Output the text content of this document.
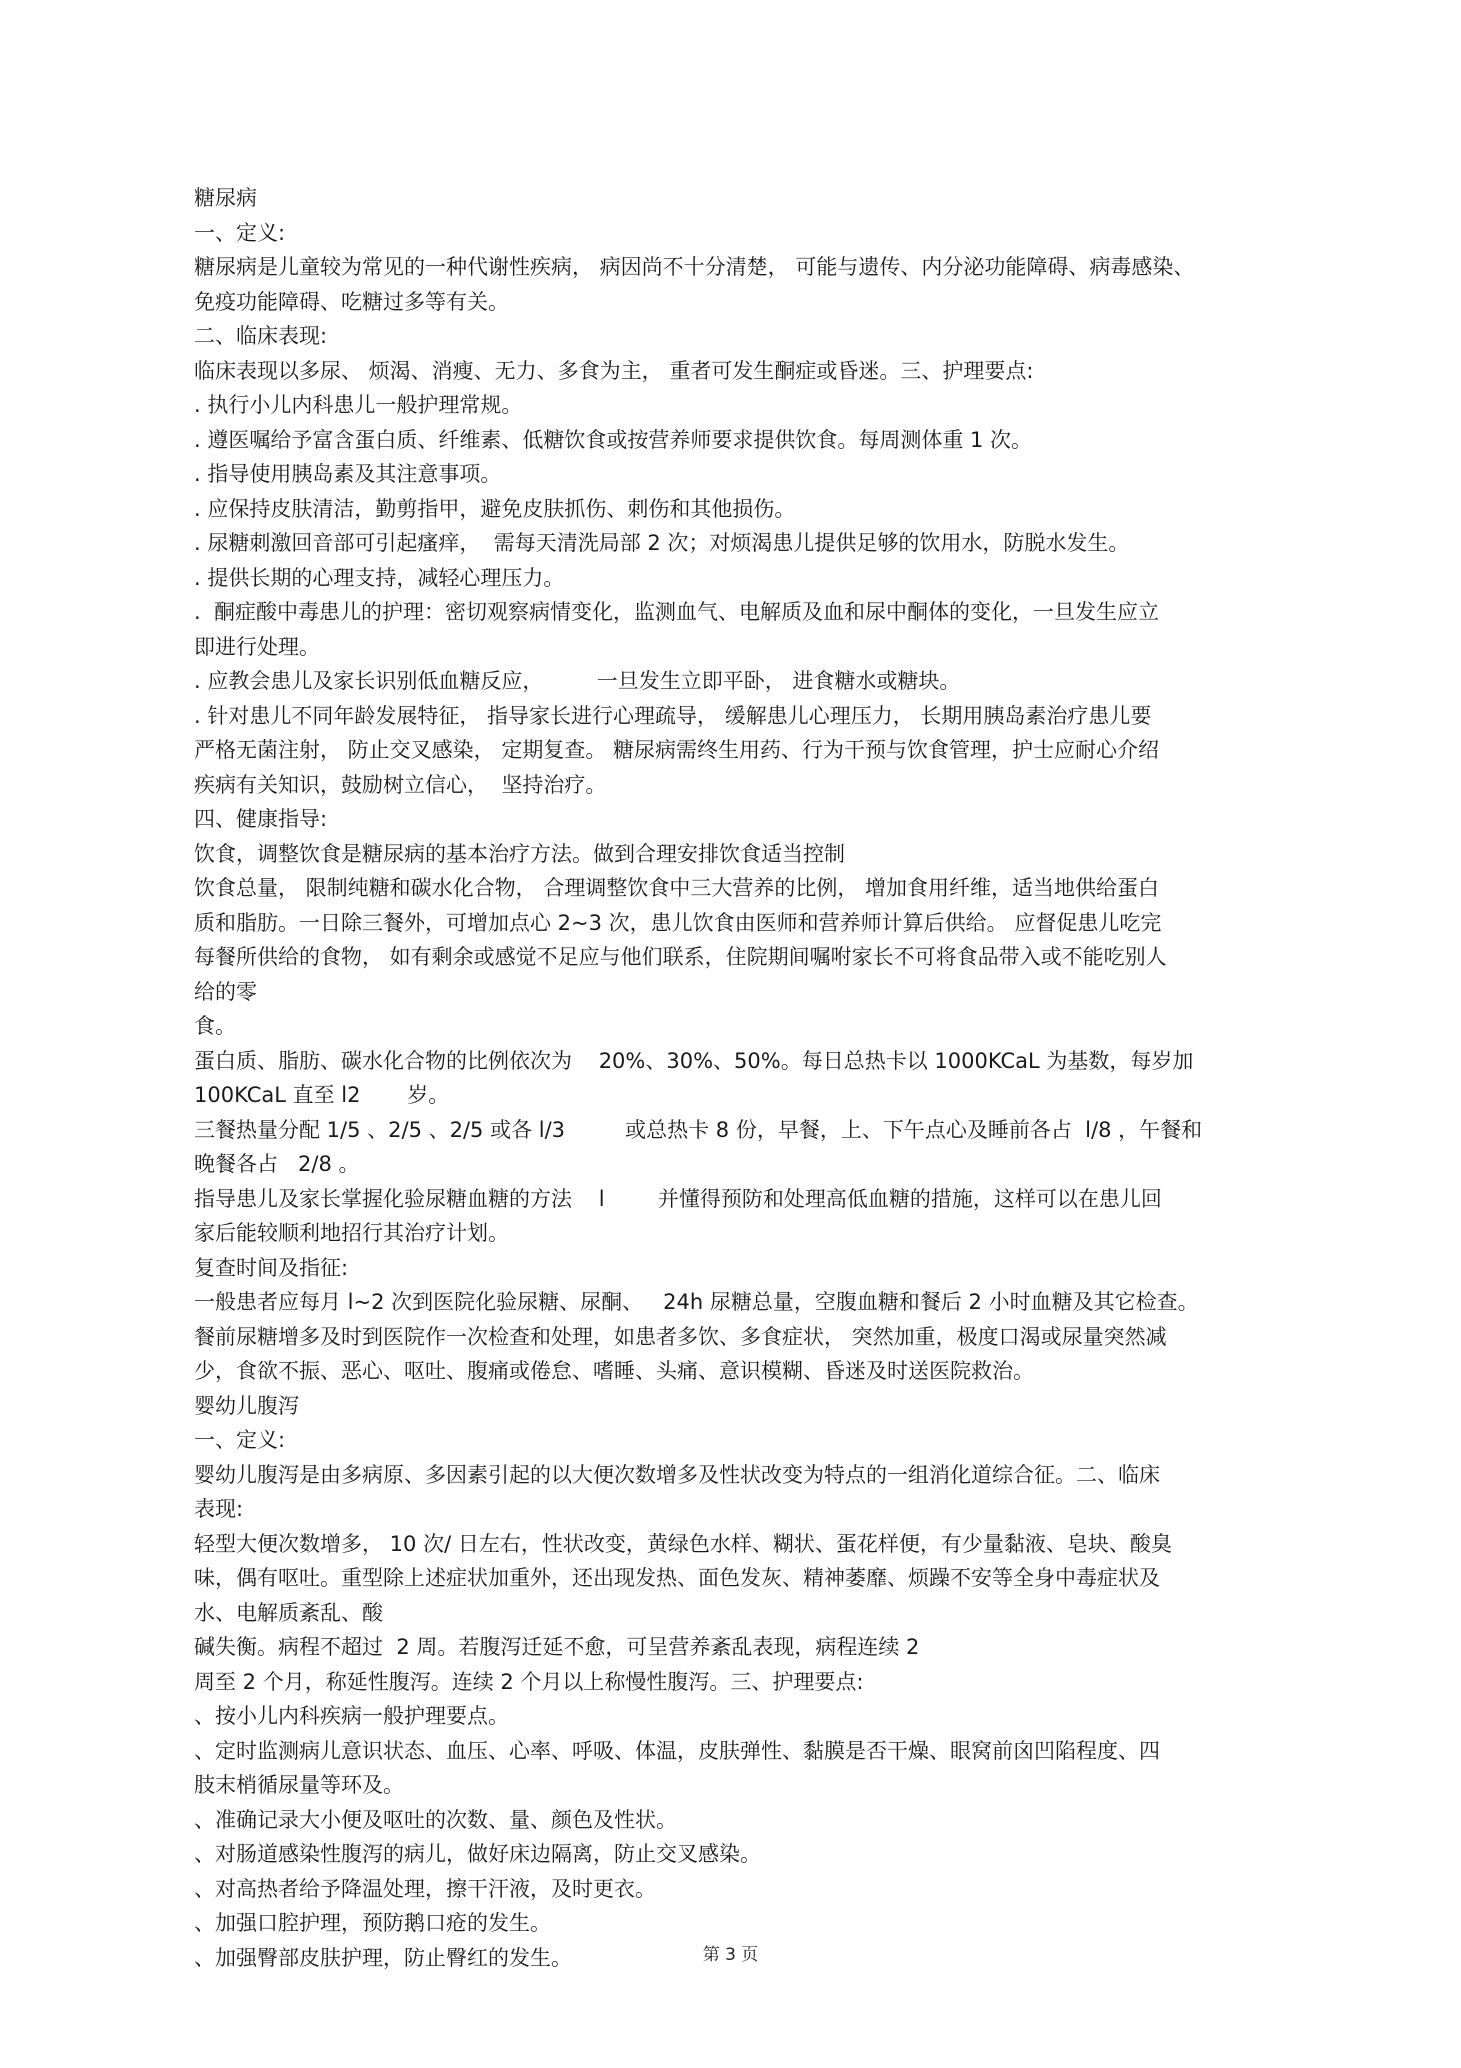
糖尿病
一、定义:
糖尿病是儿童较为常见的一种代谢性疾病， 病因尚不十分清楚， 可能与遗传、内分泌功能障碍、病毒感染、
免疫功能障碍、吃糖过多等有关。
二、临床表现:
临床表现以多尿、 烦渴、消瘦、无力、多食为主， 重者可发生酮症或昏迷。三、护理要点:
. 执行小儿内科患儿一般护理常规。
. 遵医嘱给予富含蛋白质、纤维素、低糖饮食或按营养师要求提供饮食。每周测体重 1 次。
. 指导使用胰岛素及其注意事项。
. 应保持皮肤清洁，勤剪指甲，避免皮肤抓伤、刺伤和其他损伤。
. 尿糖刺激回音部可引起瘙痒，  需每天清洗局部 2 次；对烦渴患儿提供足够的饮用水，防脱水发生。
. 提供长期的心理支持，减轻心理压力。
.  酮症酸中毒患儿的护理：密切观察病情变化，监测血气、电解质及血和尿中酮体的变化，一旦发生应立
即进行处理。
. 应教会患儿及家长识别低血糖反应，        一旦发生立即平卧， 进食糖水或糖块。
. 针对患儿不同年龄发展特征， 指导家长进行心理疏导， 缓解患儿心理压力， 长期用胰岛素治疗患儿要
严格无菌注射， 防止交叉感染， 定期复查。 糖尿病需终生用药、行为干预与饮食管理，护士应耐心介绍
疾病有关知识，鼓励树立信心，  坚持治疗。
四、健康指导:
饮食，调整饮食是糖尿病的基本治疗方法。做到合理安排饮食适当控制
饮食总量， 限制纯糖和碳水化合物， 合理调整饮食中三大营养的比例， 增加食用纤维，适当地供给蛋白
质和脂肪。一日除三餐外，可增加点心 2~3 次，患儿饮食由医师和营养师计算后供给。 应督促患儿吃完
每餐所供给的食物， 如有剩余或感觉不足应与他们联系，住院期间嘱咐家长不可将食品带入或不能吃别人
给的零
食。
蛋白质、脂肪、碳水化合物的比例依次为    20%、30%、50%。每日总热卡以 1000KCaL 为基数，每岁加
100KCaL 直至 l2       岁。
三餐热量分配 1/5 、2/5 、2/5 或各 l/3         或总热卡 8 份，早餐，上、下午点心及睡前各占  l/8 ，午餐和
晚餐各占   2/8 。
指导患儿及家长掌握化验尿糖血糖的方法    l        并懂得预防和处理高低血糖的措施，这样可以在患儿回
家后能较顺利地招行其治疗计划。
复查时间及指征:
一般患者应每月 l~2 次到医院化验尿糖、尿酮、   24h 尿糖总量，空腹血糖和餐后 2 小时血糖及其它检查。
餐前尿糖增多及时到医院作一次检查和处理，如患者多饮、多食症状， 突然加重，极度口渴或尿量突然减
少，食欲不振、恶心、呕吐、腹痛或倦怠、嗜睡、头痛、意识模糊、昏迷及时送医院救治。
婴幼儿腹泻
一、定义:
婴幼儿腹泻是由多病原、多因素引起的以大便次数增多及性状改变为特点的一组消化道综合征。二、临床
表现:
轻型大便次数增多， 10 次/ 日左右，性状改变，黄绿色水样、糊状、蛋花样便，有少量黏液、皂块、酸臭
味，偶有呕吐。重型除上述症状加重外，还出现发热、面色发灰、精神萎靡、烦躁不安等全身中毒症状及
水、电解质紊乱、酸
碱失衡。病程不超过  2 周。若腹泻迁延不愈，可呈营养紊乱表现，病程连续 2
周至 2 个月，称延性腹泻。连续 2 个月以上称慢性腹泻。三、护理要点:
、按小儿内科疾病一般护理要点。
、定时监测病儿意识状态、血压、心率、呼吸、体温，皮肤弹性、黏膜是否干燥、眼窝前囟凹陷程度、四
肢末梢循尿量等环及。
、准确记录大小便及呕吐的次数、量、颜色及性状。
、对肠道感染性腹泻的病儿，做好床边隔离，防止交叉感染。
、对高热者给予降温处理，擦干汗液，及时更衣。
、加强口腔护理，预防鹅口疮的发生。
、加强臀部皮肤护理，防止臀红的发生。	第 3 页
